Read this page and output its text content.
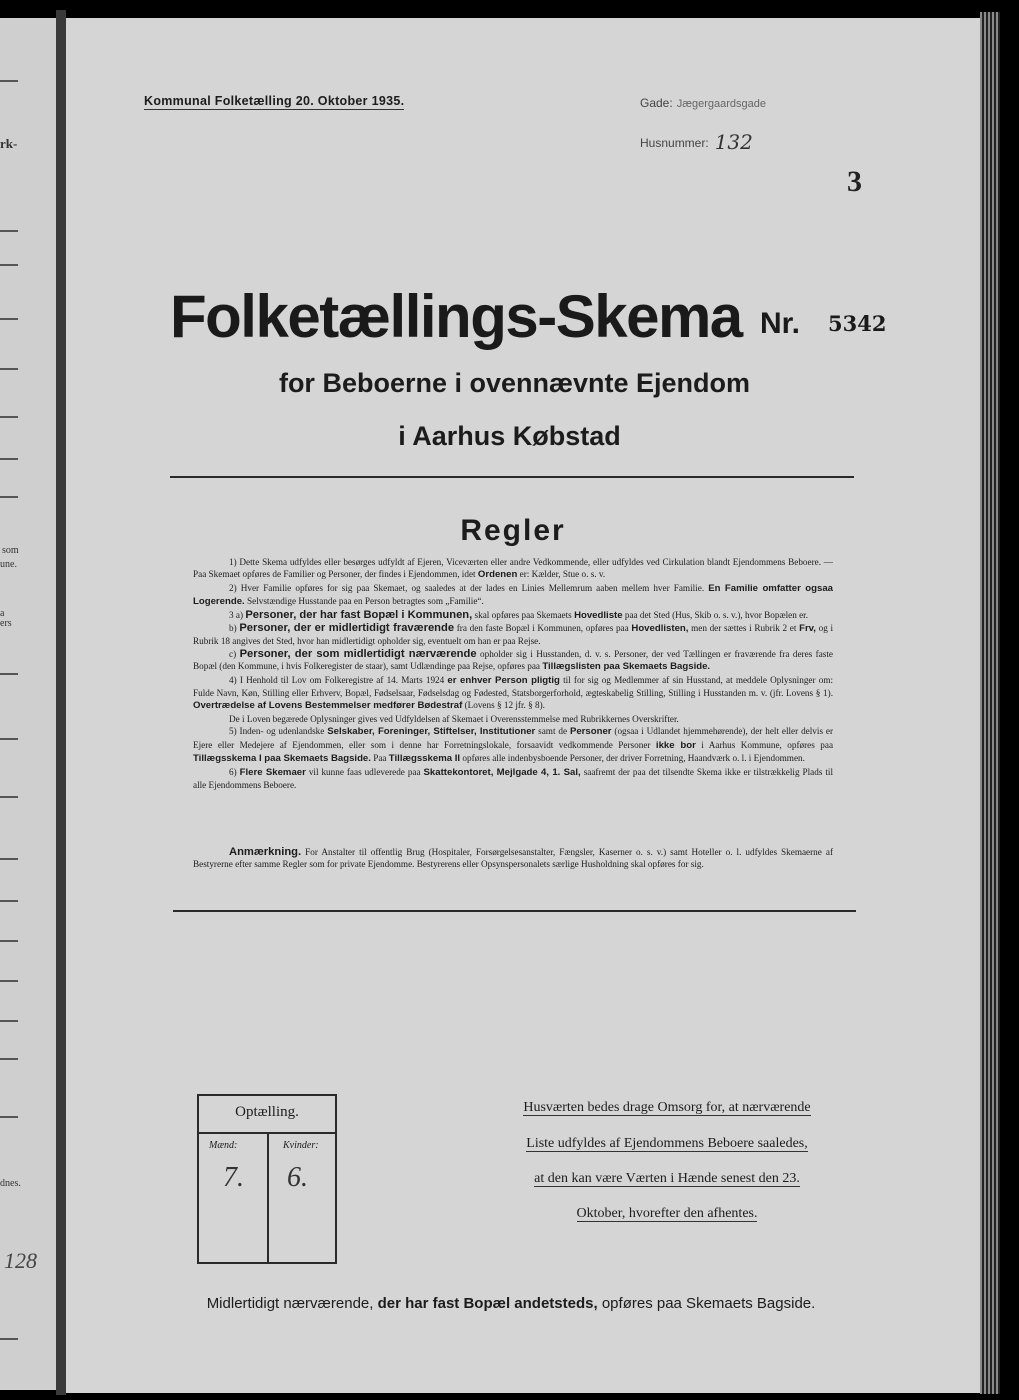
rk-
som
une.
a
ers
dnes.
128
Kommunal Folketælling 20. Oktober 1935.	Gade: Jægergaardsgade
Husnummer: 132
3
Folketællings-Skema Nr. 5342
for Beboerne i ovennævnte Ejendom
i Aarhus Købstad
Regler

1) Dette Skema udfyldes eller besørges udfyldt af Ejeren, Viceværten eller andre Vedkommende, eller udfyldes ved Cirkulation blandt Ejendommens Beboere. — Paa Skemaet opføres de Familier og Personer, der findes i Ejendommen, idet Ordenen er: Kælder, Stue o. s. v.

2) Hver Familie opføres for sig paa Skemaet, og saaledes at der lades en Linies Mellemrum aaben mellem hver Familie. En Familie omfatter ogsaa Logerende. Selvstændige Husstande paa en Person betragtes som „Familie“.

3 a) Personer, der har fast Bopæl i Kommunen, skal opføres paa Skemaets Hovedliste paa det Sted (Hus, Skib o. s. v.), hvor Bopælen er.

b) Personer, der er midlertidigt fraværende fra den faste Bopæl i Kommunen, opføres paa Hovedlisten, men der sættes i Rubrik 2 et Frv, og i Rubrik 18 angives det Sted, hvor han midlertidigt opholder sig, eventuelt om han er paa Rejse.

c) Personer, der som midlertidigt nærværende opholder sig i Husstanden, d. v. s. Personer, der ved Tællingen er fraværende fra deres faste Bopæl (den Kommune, i hvis Folkeregister de staar), samt Udlændinge paa Rejse, opføres paa Tillægslisten paa Skemaets Bagside.

4) I Henhold til Lov om Folkeregistre af 14. Marts 1924 er enhver Person pligtig til for sig og Medlemmer af sin Husstand, at meddele Oplysninger om: Fulde Navn, Køn, Stilling eller Erhverv, Bopæl, Fødselsaar, Fødselsdag og Fødested, Statsborgerforhold, ægteskabelig Stilling, Stilling i Husstanden m. v. (jfr. Lovens § 1). Overtrædelse af Lovens Bestemmelser medfører Bødestraf (Lovens § 12 jfr. § 8).

De i Loven begærede Oplysninger gives ved Udfyldelsen af Skemaet i Overensstemmelse med Rubrikkernes Overskrifter.

5) Inden- og udenlandske Selskaber, Foreninger, Stiftelser, Institutioner samt de Personer (ogsaa i Udlandet hjemmehørende), der helt eller delvis er Ejere eller Medejere af Ejendommen, eller som i denne har Forretningslokale, forsaavidt vedkommende Personer ikke bor i Aarhus Kommune, opføres paa Tillægsskema I paa Skemaets Bagside. Paa Tillægsskema II opføres alle indenbysboende Personer, der driver Forretning, Haandværk o. l. i Ejendommen.

6) Flere Skemaer vil kunne faas udleverede paa Skattekontoret, Mejlgade 4, 1. Sal, saafremt der paa det tilsendte Skema ikke er tilstrækkelig Plads til alle Ejendommens Beboere.

Anmærkning. For Anstalter til offentlig Brug (Hospitaler, Forsørgelsesanstalter, Fængsler, Kaserner o. s. v.) samt Hoteller o. l. udfyldes Skemaerne af Bestyrerne efter samme Regler som for private Ejendomme. Bestyrerens eller Opsynspersonalets særlige Husholdning skal opføres for sig.

Optælling.
Mænd:	Kvinder:
7. 6.
Husværten bedes drage Omsorg for, at nærværende
Liste udfyldes af Ejendommens Beboere saaledes,
at den kan være Værten i Hænde senest den 23.
Oktober, hvorefter den afhentes.
Midlertidigt nærværende, der har fast Bopæl andetsteds, opføres paa Skemaets Bagside.
